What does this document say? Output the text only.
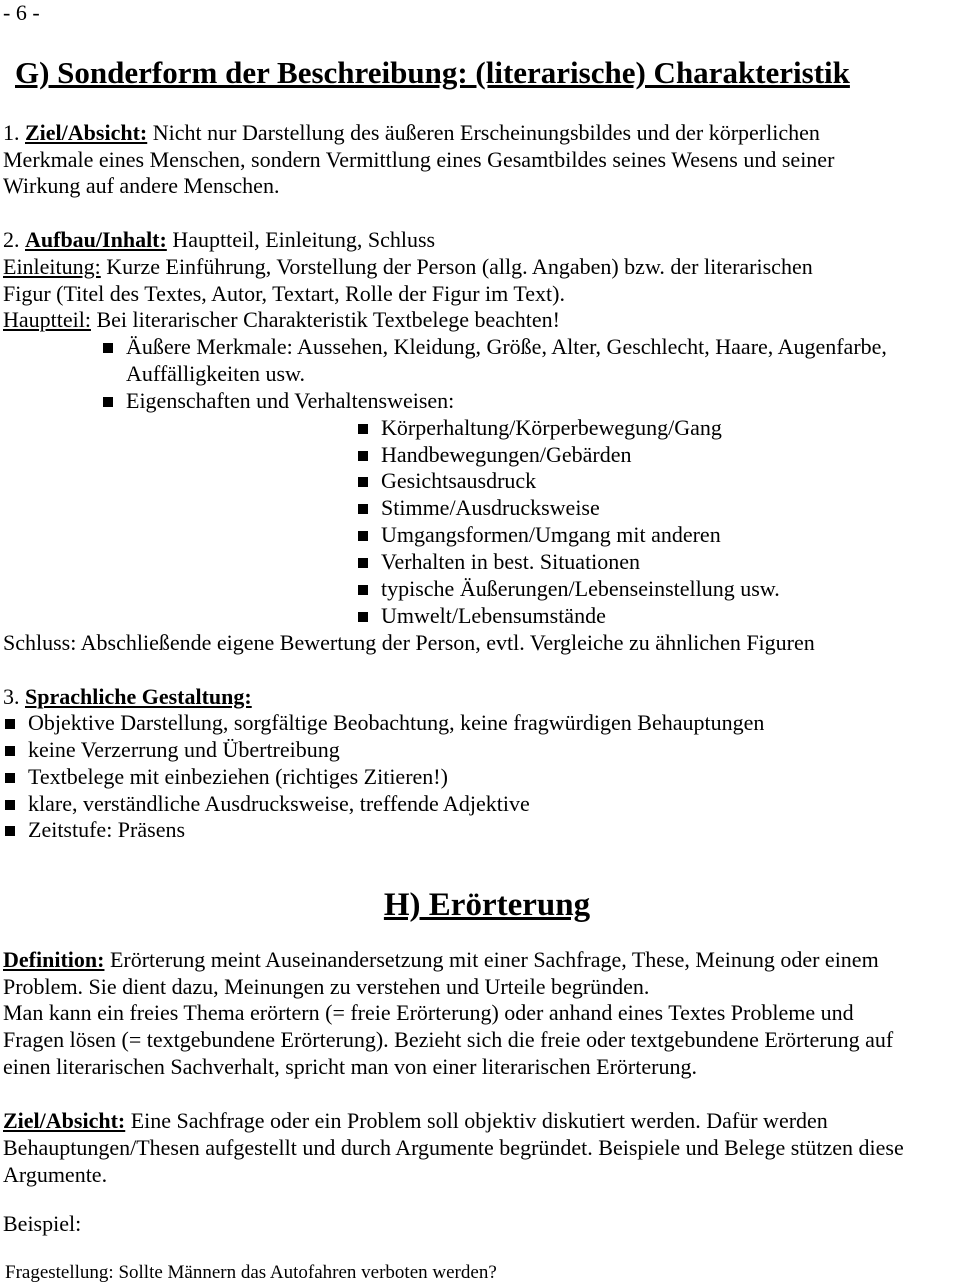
- 6 -
G) Sonderform der Beschreibung: (literarische) Charakteristik
1. Ziel/Absicht: Nicht nur Darstellung des äußeren Erscheinungsbildes und der körperlichen
Merkmale eines Menschen, sondern Vermittlung eines Gesamtbildes seines Wesens und seiner
Wirkung auf andere Menschen.
2. Aufbau/Inhalt: Hauptteil, Einleitung, Schluss
Einleitung: Kurze Einführung, Vorstellung der Person (allg. Angaben) bzw. der literarischen
Figur (Titel des Textes, Autor, Textart, Rolle der Figur im Text).
Hauptteil: Bei literarischer Charakteristik Textbelege beachten!
Äußere Merkmale: Aussehen, Kleidung, Größe, Alter, Geschlecht, Haare, Augenfarbe,
Auffälligkeiten usw.
Eigenschaften und Verhaltensweisen:
Körperhaltung/Körperbewegung/Gang
Handbewegungen/Gebärden
Gesichtsausdruck
Stimme/Ausdrucksweise
Umgangsformen/Umgang mit anderen
Verhalten in best. Situationen
typische Äußerungen/Lebenseinstellung usw.
Umwelt/Lebensumstände
Schluss: Abschließende eigene Bewertung der Person, evtl. Vergleiche zu ähnlichen Figuren
3. Sprachliche Gestaltung:
Objektive Darstellung, sorgfältige Beobachtung, keine fragwürdigen Behauptungen
keine Verzerrung und Übertreibung
Textbelege mit einbeziehen (richtiges Zitieren!)
klare, verständliche Ausdrucksweise, treffende Adjektive
Zeitstufe: Präsens
H) Erörterung
Definition: Erörterung meint Auseinandersetzung mit einer Sachfrage, These, Meinung oder einem
Problem. Sie dient dazu, Meinungen zu verstehen und Urteile begründen.
Man kann ein freies Thema erörtern (= freie Erörterung) oder anhand eines Textes Probleme und
Fragen lösen (= textgebundene Erörterung). Bezieht sich die freie oder textgebundene Erörterung auf
einen literarischen Sachverhalt, spricht man von einer literarischen Erörterung.
Ziel/Absicht: Eine Sachfrage oder ein Problem soll objektiv diskutiert werden. Dafür werden
Behauptungen/Thesen aufgestellt und durch Argumente begründet. Beispiele und Belege stützen diese
Argumente.
Beispiel:
Fragestellung: Sollte Männern das Autofahren verboten werden?
